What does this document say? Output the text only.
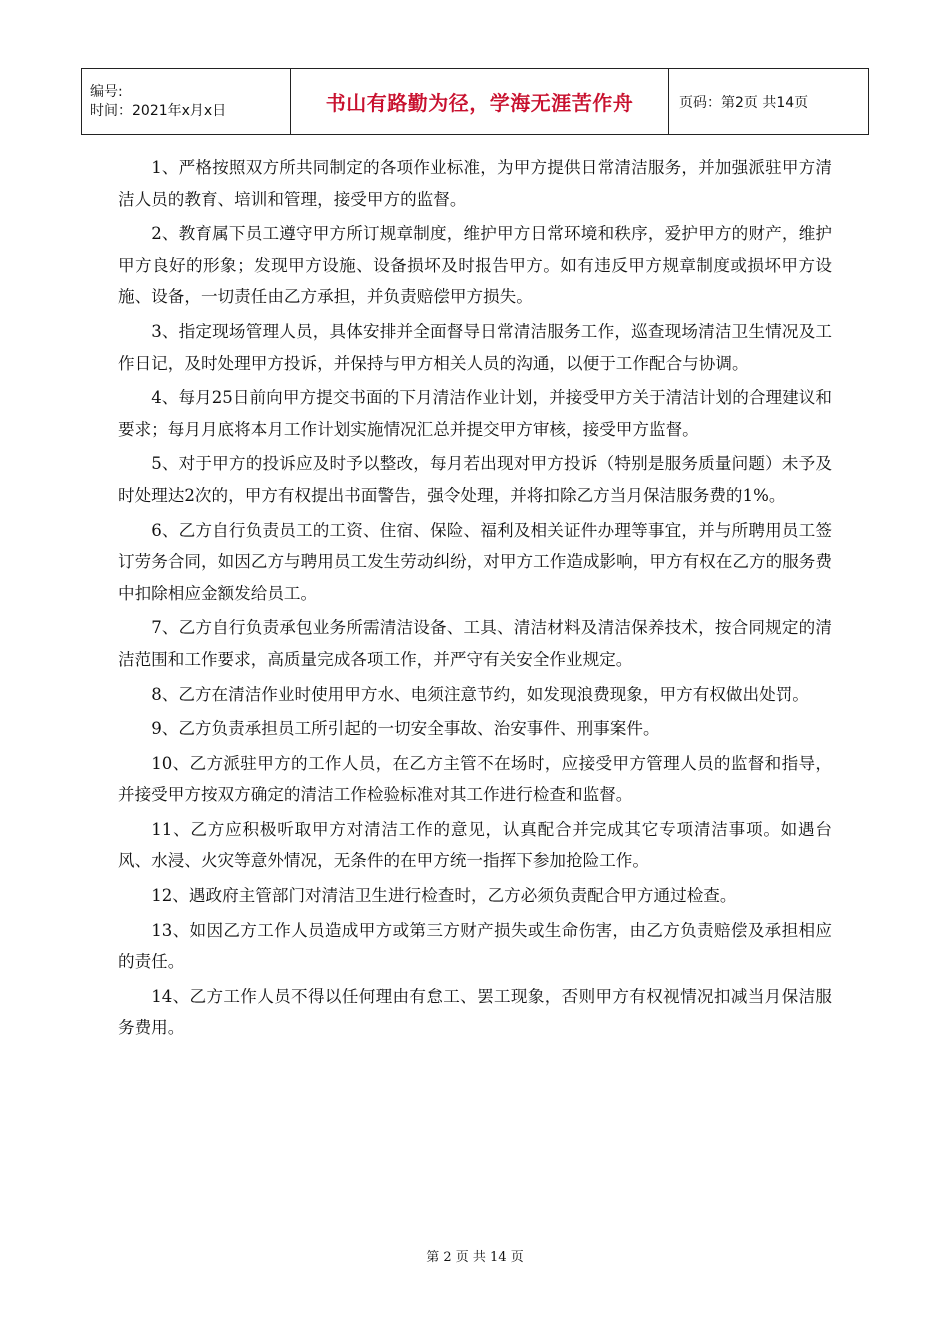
编号:
时间：2021年x月x日	书山有路勤为径，学海无涯苦作舟	页码：第2页 共14页

1、严格按照双方所共同制定的各项作业标准，为甲方提供日常清洁服务，并加强派驻甲方清洁人员的教育、培训和管理，接受甲方的监督。

2、教育属下员工遵守甲方所订规章制度，维护甲方日常环境和秩序，爱护甲方的财产，维护甲方良好的形象；发现甲方设施、设备损坏及时报告甲方。如有违反甲方规章制度或损坏甲方设施、设备，一切责任由乙方承担，并负责赔偿甲方损失。

3、指定现场管理人员，具体安排并全面督导日常清洁服务工作，巡查现场清洁卫生情况及工作日记，及时处理甲方投诉，并保持与甲方相关人员的沟通，以便于工作配合与协调。

4、每月25日前向甲方提交书面的下月清洁作业计划，并接受甲方关于清洁计划的合理建议和要求；每月月底将本月工作计划实施情况汇总并提交甲方审核，接受甲方监督。

5、对于甲方的投诉应及时予以整改，每月若出现对甲方投诉（特别是服务质量问题）未予及时处理达2次的，甲方有权提出书面警告，强令处理，并将扣除乙方当月保洁服务费的1%。

6、乙方自行负责员工的工资、住宿、保险、福利及相关证件办理等事宜，并与所聘用员工签订劳务合同，如因乙方与聘用员工发生劳动纠纷，对甲方工作造成影响，甲方有权在乙方的服务费中扣除相应金额发给员工。

7、乙方自行负责承包业务所需清洁设备、工具、清洁材料及清洁保养技术，按合同规定的清洁范围和工作要求，高质量完成各项工作，并严守有关安全作业规定。

8、乙方在清洁作业时使用甲方水、电须注意节约，如发现浪费现象，甲方有权做出处罚。

9、乙方负责承担员工所引起的一切安全事故、治安事件、刑事案件。

10、乙方派驻甲方的工作人员，在乙方主管不在场时，应接受甲方管理人员的监督和指导，并接受甲方按双方确定的清洁工作检验标准对其工作进行检查和监督。

11、乙方应积极听取甲方对清洁工作的意见，认真配合并完成其它专项清洁事项。如遇台风、水浸、火灾等意外情况，无条件的在甲方统一指挥下参加抢险工作。

12、遇政府主管部门对清洁卫生进行检查时，乙方必须负责配合甲方通过检查。

13、如因乙方工作人员造成甲方或第三方财产损失或生命伤害，由乙方负责赔偿及承担相应的责任。

14、乙方工作人员不得以任何理由有怠工、罢工现象，否则甲方有权视情况扣减当月保洁服务费用。

第 2 页 共 14 页
